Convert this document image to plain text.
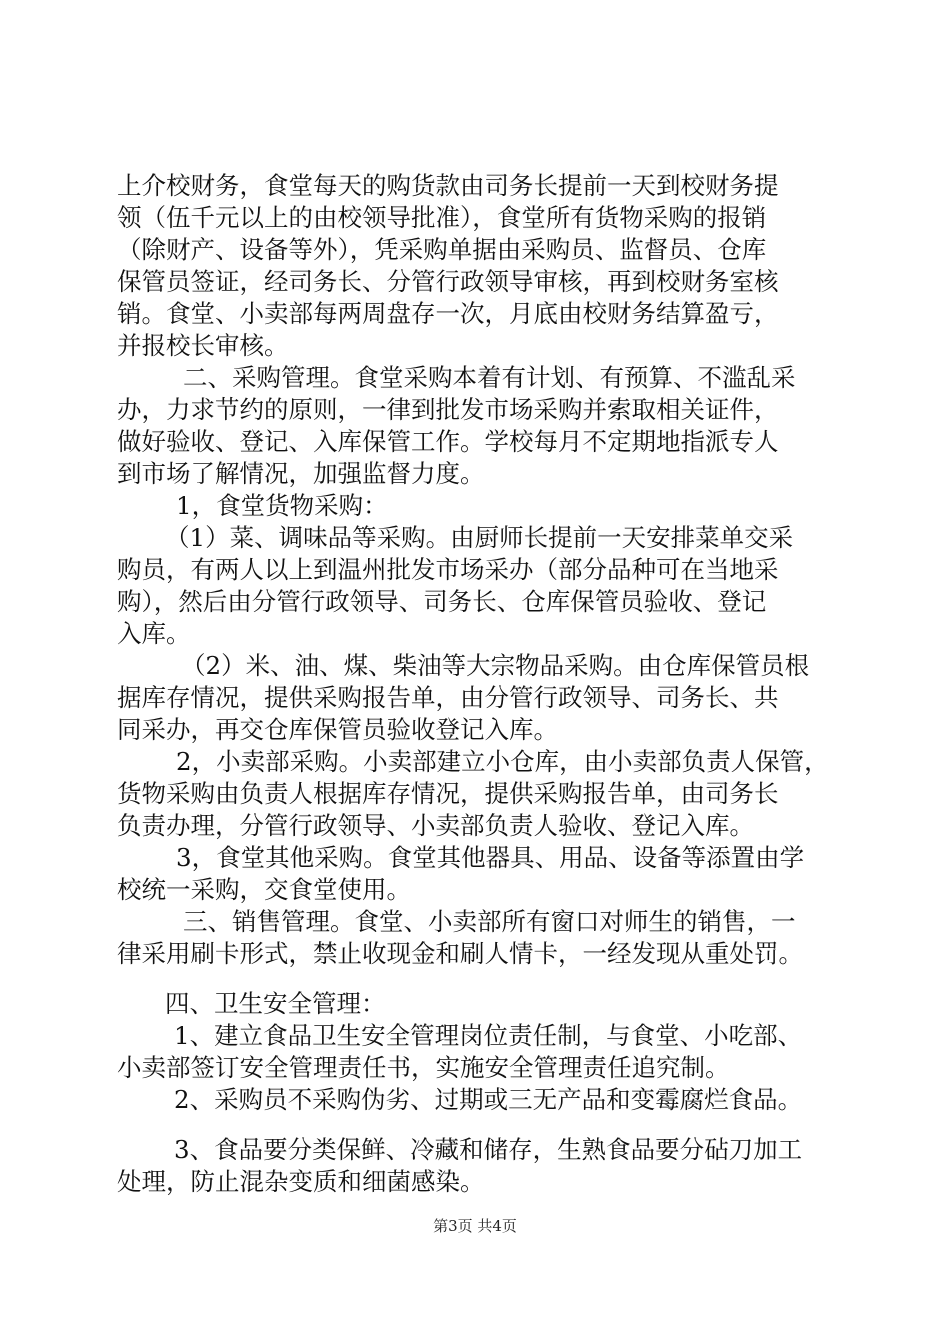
上介校财务，食堂每天的购货款由司务长提前一天到校财务提
领（伍千元以上的由校领导批准），食堂所有货物采购的报销
（除财产、设备等外），凭采购单据由采购员、监督员、仓库
保管员签证，经司务长、分管行政领导审核，再到校财务室核
销。食堂、小卖部每两周盘存一次，月底由校财务结算盈亏，
并报校长审核。
二、采购管理。食堂采购本着有计划、有预算、不滥乱采
办，力求节约的原则，一律到批发市场采购并索取相关证件，
做好验收、登记、入库保管工作。学校每月不定期地指派专人
到市场了解情况，加强监督力度。
1，食堂货物采购：
（1）菜、调味品等采购。由厨师长提前一天安排菜单交采
购员，有两人以上到温州批发市场采办（部分品种可在当地采
购），然后由分管行政领导、司务长、仓库保管员验收、登记
入库。
（2）米、油、煤、柴油等大宗物品采购。由仓库保管员根
据库存情况，提供采购报告单，由分管行政领导、司务长、共
同采办，再交仓库保管员验收登记入库。
2，小卖部采购。小卖部建立小仓库，由小卖部负责人保管，
货物采购由负责人根据库存情况，提供采购报告单，由司务长
负责办理，分管行政领导、小卖部负责人验收、登记入库。
3，食堂其他采购。食堂其他器具、用品、设备等添置由学
校统一采购，交食堂使用。
三、销售管理。食堂、小卖部所有窗口对师生的销售，一
律采用刷卡形式，禁止收现金和刷人情卡，一经发现从重处罚。
四、卫生安全管理：
1、建立食品卫生安全管理岗位责任制，与食堂、小吃部、
小卖部签订安全管理责任书，实施安全管理责任追究制。
2、采购员不采购伪劣、过期或三无产品和变霉腐烂食品。
3、食品要分类保鲜、冷藏和储存，生熟食品要分砧刀加工
处理，防止混杂变质和细菌感染。
第3页 共4页
